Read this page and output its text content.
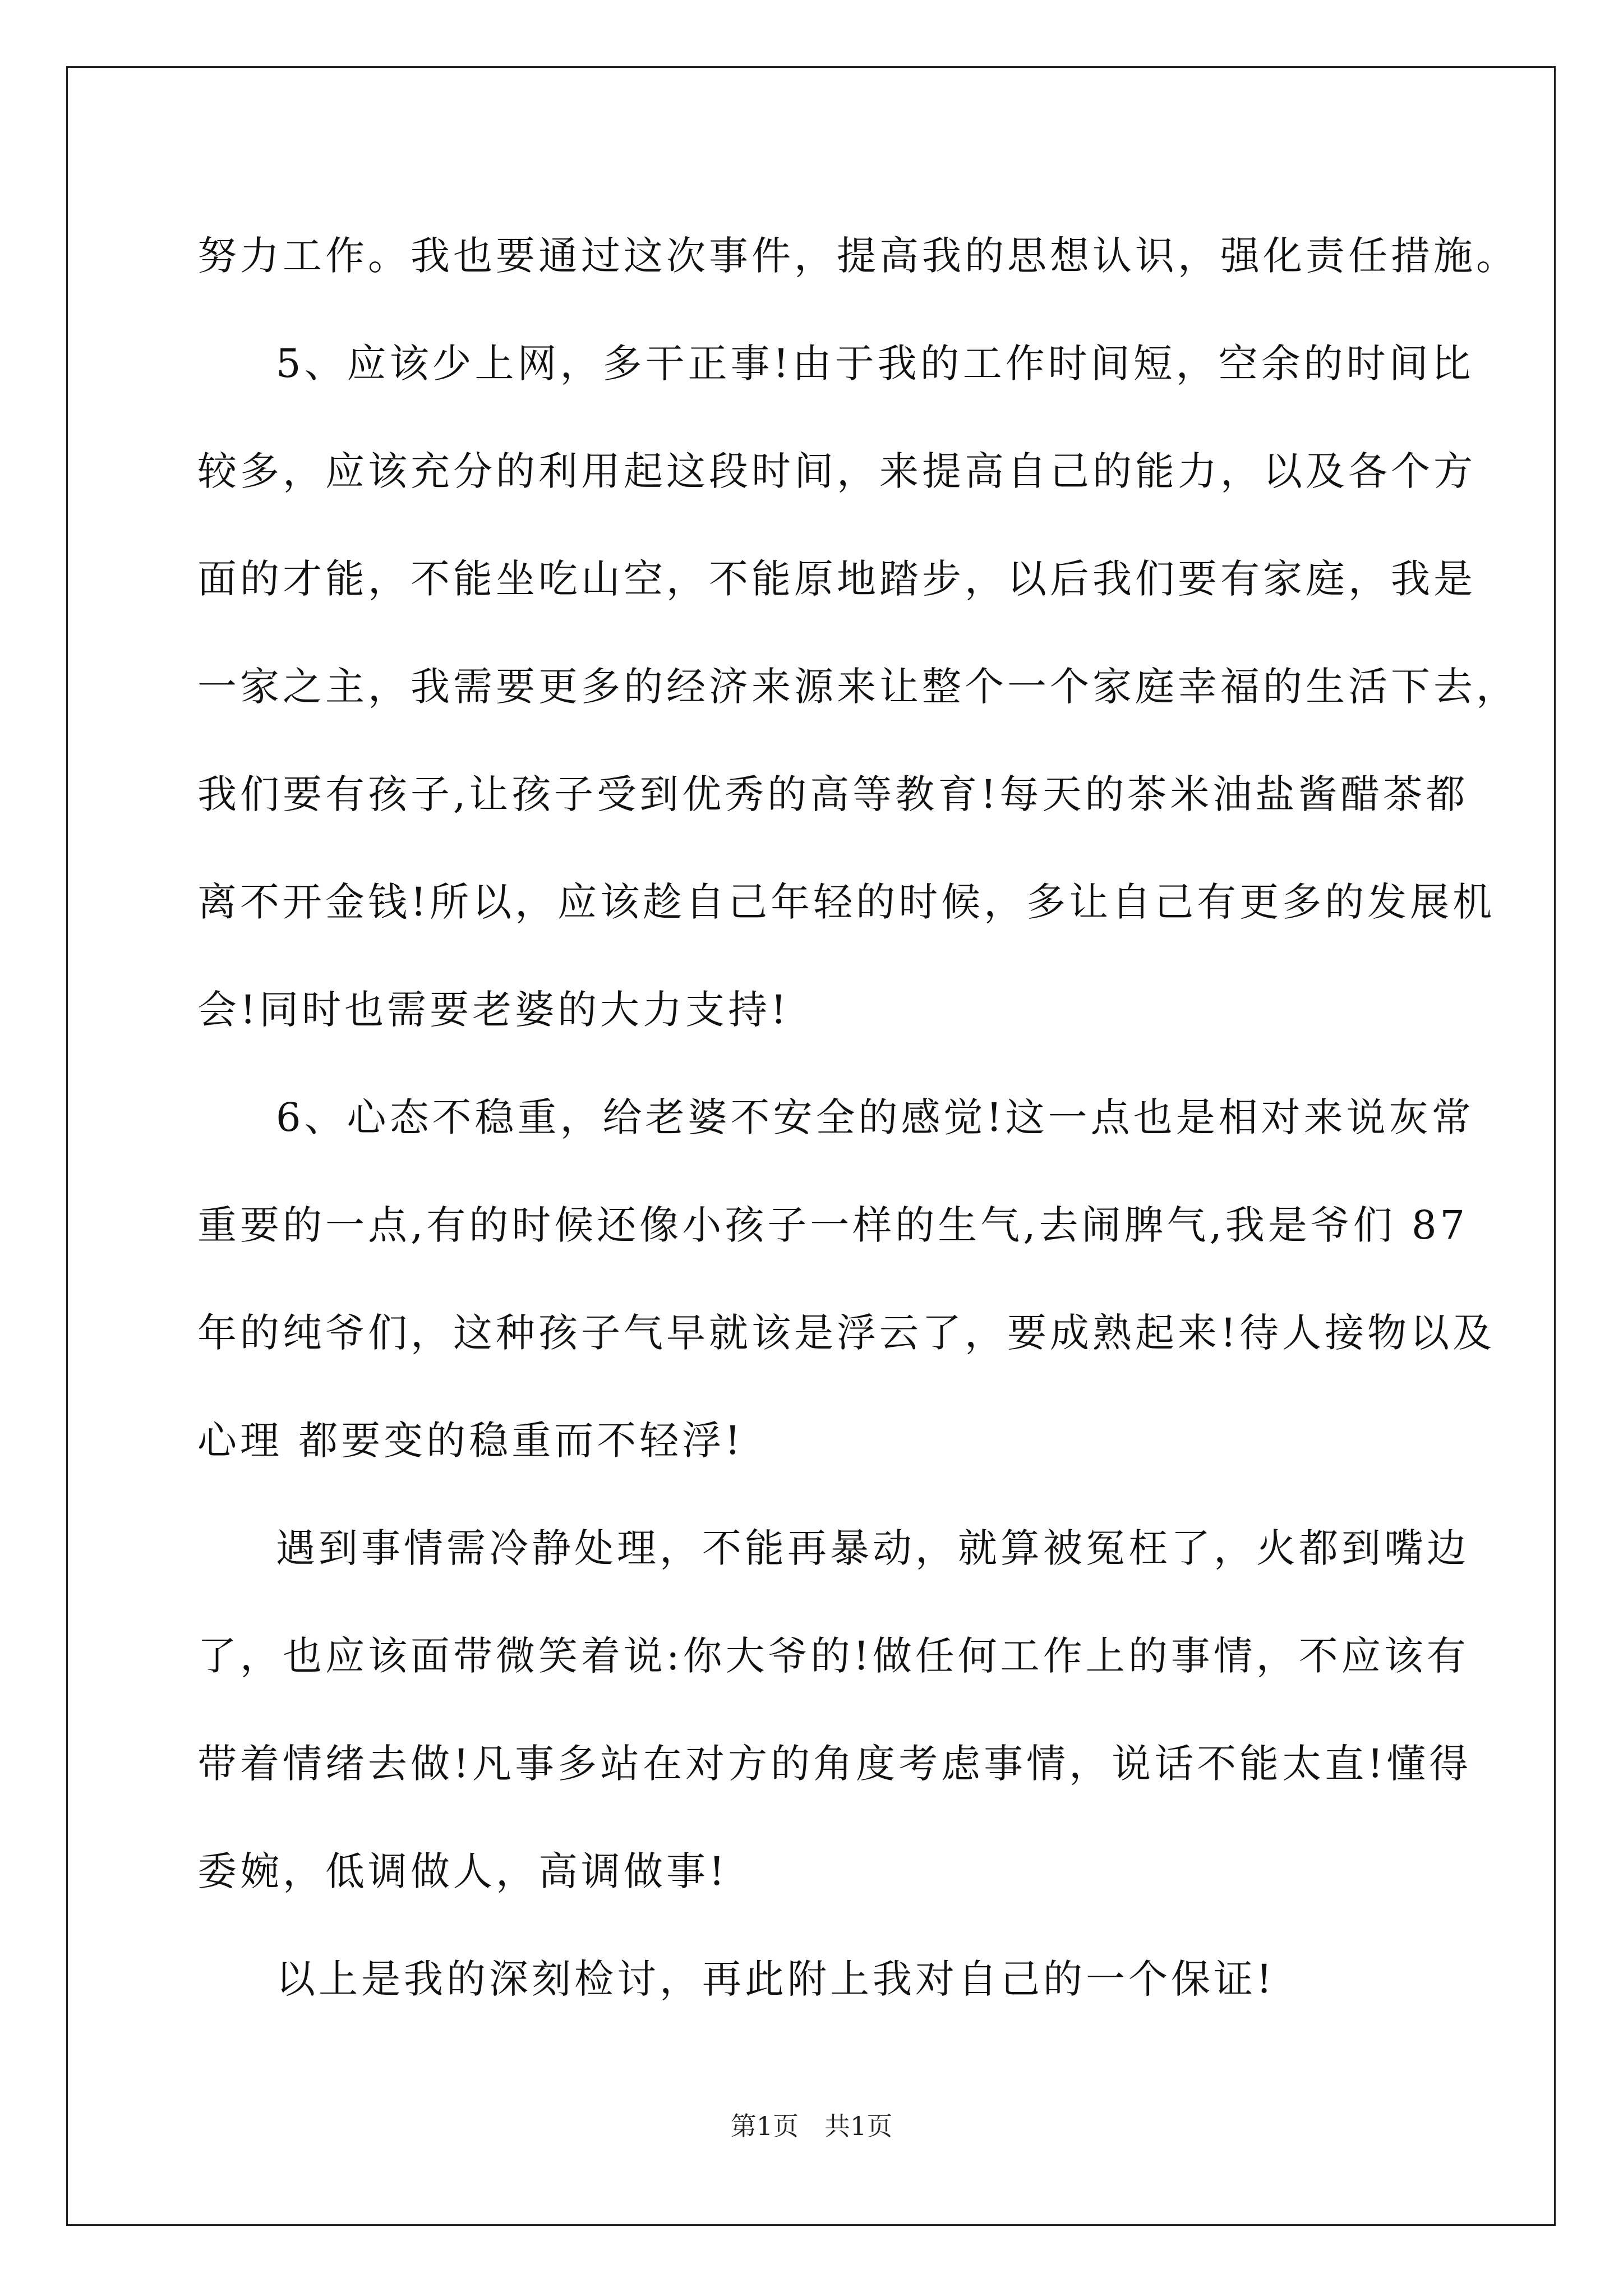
努力工作。我也要通过这次事件，提高我的思想认识，强化责任措施。
5、应该少上网，多干正事!由于我的工作时间短，空余的时间比
较多，应该充分的利用起这段时间，来提高自己的能力，以及各个方
面的才能，不能坐吃山空，不能原地踏步，以后我们要有家庭，我是
一家之主，我需要更多的经济来源来让整个一个家庭幸福的生活下去，
我们要有孩子,让孩子受到优秀的高等教育!每天的茶米油盐酱醋茶都
离不开金钱!所以，应该趁自己年轻的时候，多让自己有更多的发展机
会!同时也需要老婆的大力支持!
6、心态不稳重，给老婆不安全的感觉!这一点也是相对来说灰常
重要的一点,有的时候还像小孩子一样的生气,去闹脾气,我是爷们 87
年的纯爷们，这种孩子气早就该是浮云了，要成熟起来!待人接物以及
心理 都要变的稳重而不轻浮!
遇到事情需冷静处理，不能再暴动，就算被冤枉了，火都到嘴边
了，也应该面带微笑着说:你大爷的!做任何工作上的事情，不应该有
带着情绪去做!凡事多站在对方的角度考虑事情，说话不能太直!懂得
委婉，低调做人，高调做事!
以上是我的深刻检讨，再此附上我对自己的一个保证!
第1页　共1页
